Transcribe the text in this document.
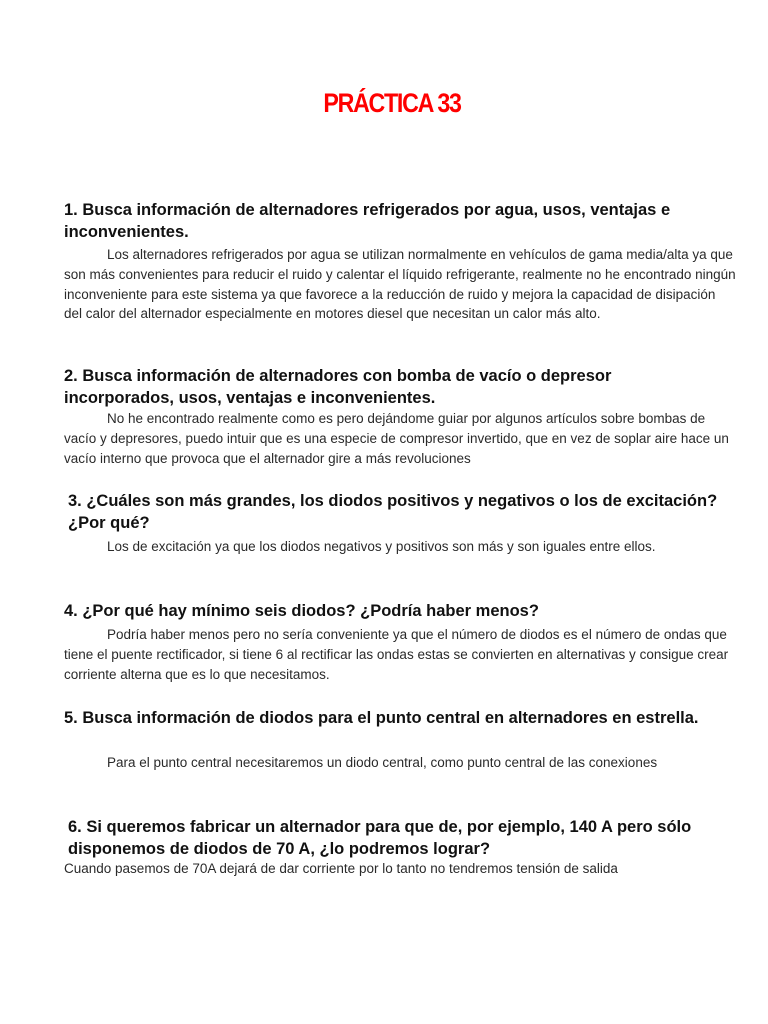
PRÁCTICA 33
1. Busca información de alternadores refrigerados por agua, usos, ventajas e inconvenientes.
Los alternadores refrigerados por agua se utilizan normalmente en vehículos de gama media/alta ya que son más convenientes para reducir el ruido y calentar el líquido refrigerante, realmente no he encontrado ningún inconveniente para este sistema ya que favorece a la reducción de ruido y mejora la capacidad de disipación del calor del alternador especialmente en motores diesel que necesitan un calor más alto.
2. Busca información de alternadores con bomba de vacío o depresor incorporados, usos, ventajas e inconvenientes.
No he encontrado realmente como es pero dejándome guiar por algunos artículos sobre bombas de vacío y depresores, puedo intuir que es una especie de compresor invertido, que en vez de soplar aire hace un vacío interno que provoca que el alternador gire a más revoluciones
3. ¿Cuáles son más grandes, los diodos positivos y negativos o los de excitación? ¿Por qué?
Los de excitación ya que los diodos negativos y positivos son más y son iguales entre ellos.
4. ¿Por qué hay mínimo seis diodos? ¿Podría haber menos?
Podría haber menos pero no sería conveniente ya que el número de diodos es el número de ondas que tiene el puente rectificador, si tiene 6 al rectificar las ondas estas se convierten en alternativas y consigue crear corriente alterna que es lo que necesitamos.
5. Busca información de diodos para el punto central en alternadores en estrella.
Para el punto central necesitaremos un diodo central, como punto central de las conexiones
6. Si queremos fabricar un alternador para que de, por ejemplo, 140 A pero sólo disponemos de diodos de 70 A, ¿lo podremos lograr?
Cuando pasemos de 70A dejará de dar corriente por lo tanto no tendremos tensión de salida
